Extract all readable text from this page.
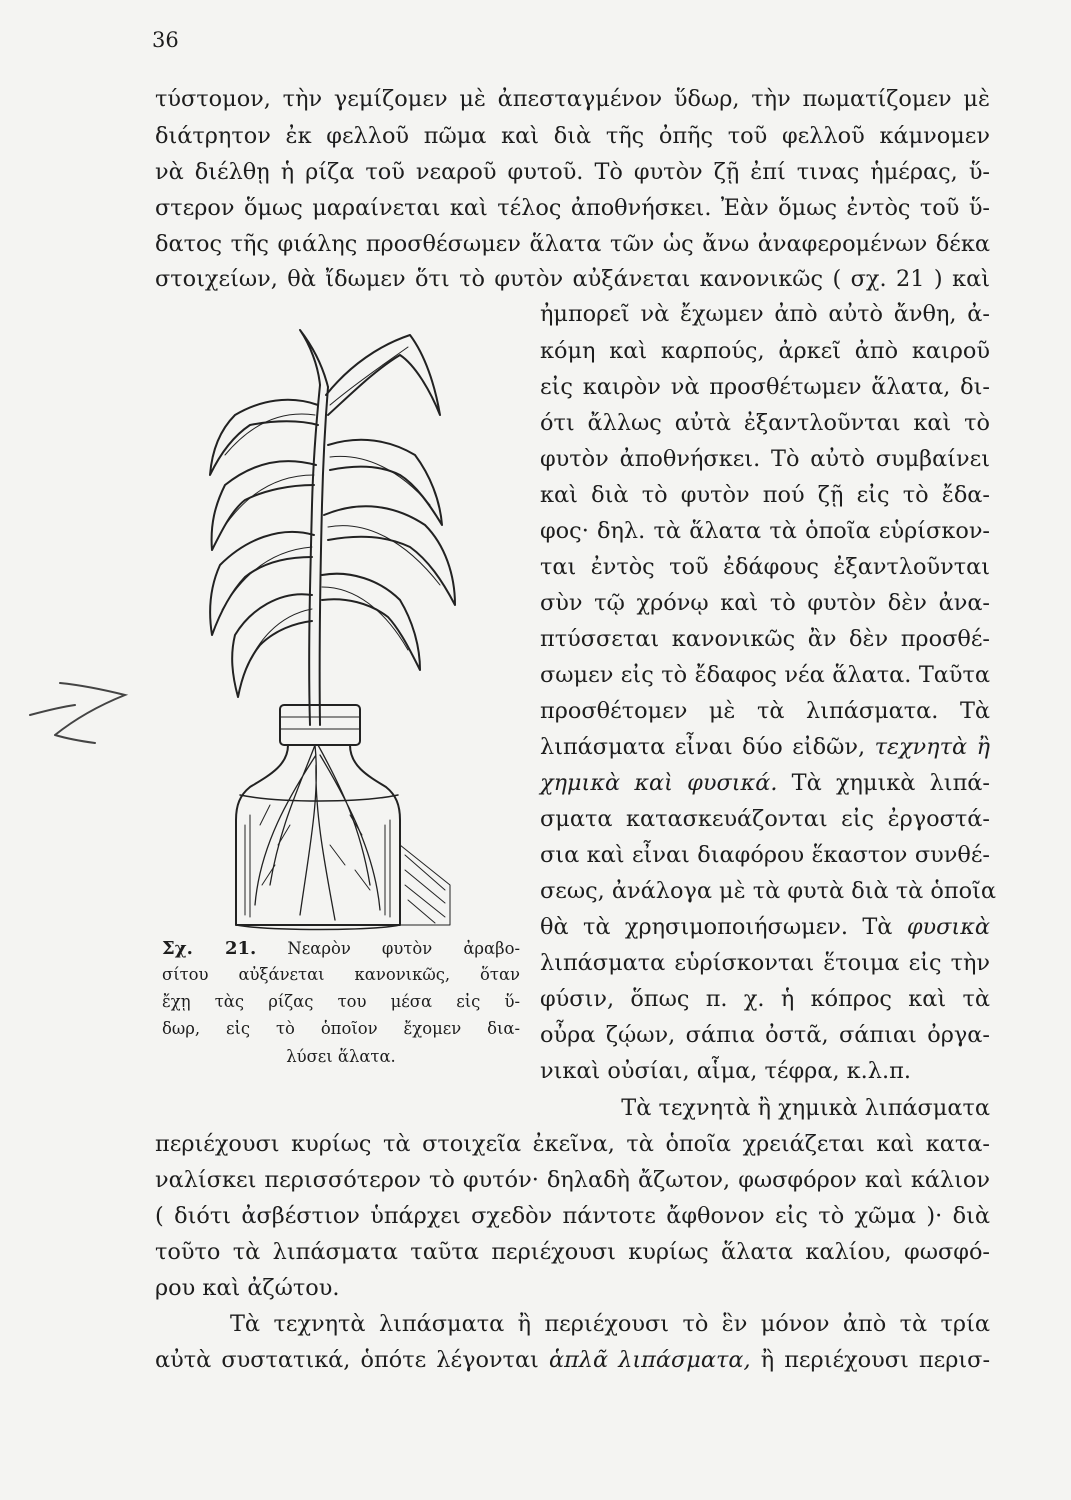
36
τύστομον, τὴν γεμίζομεν μὲ ἀπεσταγμένον ὕδωρ, τὴν πωματίζομεν μὲ
διάτρητον ἐκ φελλοῦ πῶμα καὶ διὰ τῆς ὀπῆς τοῦ φελλοῦ κάμνομεν
νὰ διέλθῃ ἡ ρίζα τοῦ νεαροῦ φυτοῦ. Τὸ φυτὸν ζῇ ἐπί τινας ἡμέρας, ὕ-
στερον ὅμως μαραίνεται καὶ τέλος ἀποθνήσκει. Ἐὰν ὅμως ἐντὸς τοῦ ὕ-
δατος τῆς φιάλης προσθέσωμεν ἅλατα τῶν ὡς ἄνω ἀναφερομένων δέκα
στοιχείων, θὰ ἴδωμεν ὅτι τὸ φυτὸν αὐξάνεται κανονικῶς ( σχ. 21 ) καὶ
ἠμπορεῖ νὰ ἔχωμεν ἀπὸ αὐτὸ ἄνθη, ἀ-
κόμη καὶ καρπούς, ἀρκεῖ ἀπὸ καιροῦ
εἰς καιρὸν νὰ προσθέτωμεν ἅλατα, δι-
ότι ἄλλως αὐτὰ ἐξαντλοῦνται καὶ τὸ
φυτὸν ἀποθνήσκει. Τὸ αὐτὸ συμβαίνει
καὶ διὰ τὸ φυτὸν πού ζῇ εἰς τὸ ἔδα-
φος· δηλ. τὰ ἅλατα τὰ ὁποῖα εὑρίσκον-
ται ἐντὸς τοῦ ἐδάφους ἐξαντλοῦνται
σὺν τῷ χρόνῳ καὶ τὸ φυτὸν δὲν ἀνα-
πτύσσεται κανονικῶς ἂν δὲν προσθέ-
σωμεν εἰς τὸ ἔδαφος νέα ἅλατα. Ταῦτα
προσθέτομεν μὲ τὰ λιπάσματα. Τὰ
λιπάσματα εἶναι δύο εἰδῶν, τεχνητὰ ἢ
χημικὰ καὶ φυσικά. Τὰ χημικὰ λιπά-
σματα κατασκευάζονται εἰς ἐργοστά-
σια καὶ εἶναι διαφόρου ἕκαστον συνθέ-
σεως, ἀνάλογα μὲ τὰ φυτὰ διὰ τὰ ὁποῖα
θὰ τὰ χρησιμοποιήσωμεν. Τὰ φυσικὰ
λιπάσματα εὑρίσκονται ἕτοιμα εἰς τὴν
φύσιν, ὅπως π. χ. ἡ κόπρος καὶ τὰ
οὖρα ζῴων, σάπια ὀστᾶ, σάπιαι ὀργα-
νικαὶ οὐσίαι, αἷμα, τέφρα, κ.λ.π.
Τὰ τεχνητὰ ἢ χημικὰ λιπάσματα
περιέχουσι κυρίως τὰ στοιχεῖα ἐκεῖνα, τὰ ὁποῖα χρειάζεται καὶ κατα-
ναλίσκει περισσότερον τὸ φυτόν· δηλαδὴ ἄζωτον, φωσφόρον καὶ κάλιον
( διότι ἀσβέστιον ὑπάρχει σχεδὸν πάντοτε ἄφθονον εἰς τὸ χῶμα )· διὰ
τοῦτο τὰ λιπάσματα ταῦτα περιέχουσι κυρίως ἅλατα καλίου, φωσφό-
ρου καὶ ἀζώτου.
Τὰ τεχνητὰ λιπάσματα ἢ περιέχουσι τὸ ἓν μόνον ἀπὸ τὰ τρία
αὐτὰ συστατικά, ὁπότε λέγονται ἁπλᾶ λιπάσματα, ἢ περιέχουσι περισ-
Σχ. 21. Νεαρὸν φυτὸν ἀραβο-
σίτου αὐξάνεται κανονικῶς, ὅταν
ἔχῃ τὰς ρίζας του μέσα εἰς ὕ-
δωρ, εἰς τὸ ὁποῖον ἔχομεν δια-
λύσει ἅλατα.
